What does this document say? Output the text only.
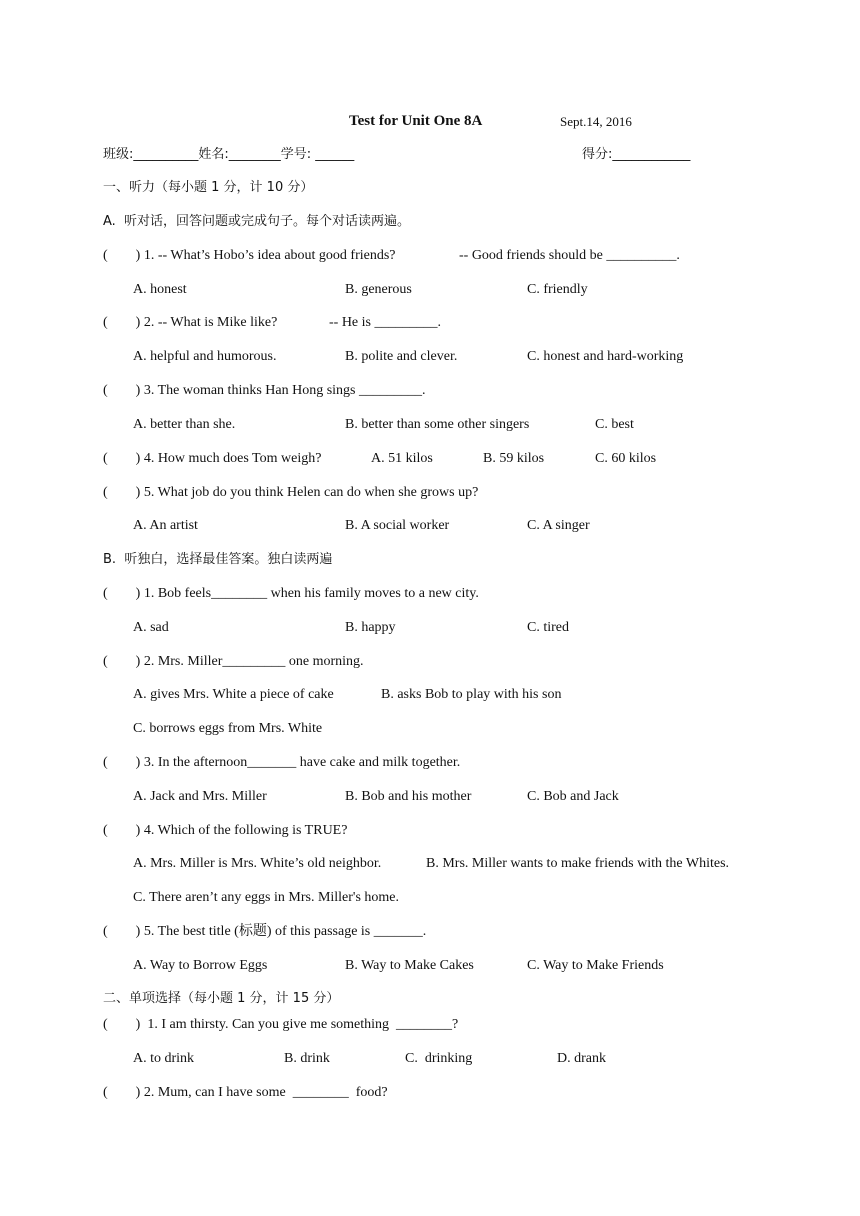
Test for Unit One 8A	Sept.14, 2016
班级:__________姓名:________学号: ______	得分:____________
一、听力（每小题 1 分，计 10 分）
A.  听对话，回答问题或完成句子。每个对话读两遍。
(        ) 1. -- What’s Hobo’s idea about good friends?	-- Good friends should be __________.
A. honest	B. generous	C. friendly
(        ) 2. -- What is Mike like?	-- He is _________.
A. helpful and humorous.	B. polite and clever.	C. honest and hard-working
(        ) 3. The woman thinks Han Hong sings _________.
A. better than she.	B. better than some other singers	C. best
(        ) 4. How much does Tom weigh?	A. 51 kilos	B. 59 kilos	C. 60 kilos
(        ) 5. What job do you think Helen can do when she grows up?
A. An artist	B. A social worker	C. A singer
B.  听独白，选择最佳答案。独白读两遍
(        ) 1. Bob feels________ when his family moves to a new city.
A. sad	B. happy	C. tired
(        ) 2. Mrs. Miller_________ one morning.
A. gives Mrs. White a piece of cake	B. asks Bob to play with his son
C. borrows eggs from Mrs. White
(        ) 3. In the afternoon_______ have cake and milk together.
A. Jack and Mrs. Miller	B. Bob and his mother	C. Bob and Jack
(        ) 4. Which of the following is TRUE?
A. Mrs. Miller is Mrs. White’s old neighbor.	B. Mrs. Miller wants to make friends with the Whites.
C. There aren’t any eggs in Mrs. Miller's home.
(        ) 5. The best title (标题) of this passage is _______.
A. Way to Borrow Eggs	B. Way to Make Cakes	C. Way to Make Friends
二、单项选择（每小题 1 分，计 15 分）
(        )  1. I am thirsty. Can you give me something  ________?
A. to drink	B. drink	C.  drinking	D. drank
(        ) 2. Mum, can I have some  ________  food?
